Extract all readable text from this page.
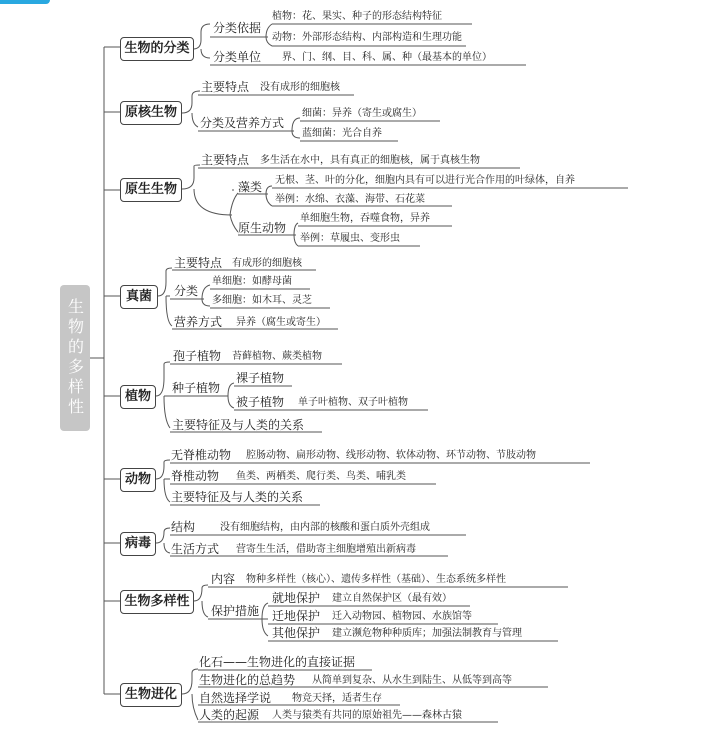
生物的多样性
生物的分类
分类依据
植物：花、果实、种子的形态结构特征
动物：外部形态结构、内部构造和生理功能
分类单位 界、门、纲、目、科、属、种（最基本的单位）
原核生物
主要特点 没有成形的细胞核
分类及营养方式
细菌：异养（寄生或腐生）
蓝细菌：光合自养
原生生物
主要特点 多生活在水中，具有真正的细胞核，属于真核生物
藻类 无根、茎、叶的分化，细胞内具有可以进行光合作用的叶绿体，自养
举例：水绵、衣藻、海带、石花菜
原生动物
单细胞生物，吞噬食物，异养
举例：草履虫、变形虫
真菌
主要特点 有成形的细胞核
分类
单细胞：如酵母菌
多细胞：如木耳、灵芝
营养方式 异养（腐生或寄生）
植物
孢子植物 苔藓植物、蕨类植物
种子植物
裸子植物
被子植物 单子叶植物、双子叶植物
主要特征及与人类的关系
动物
无脊椎动物 腔肠动物、扁形动物、线形动物、软体动物、环节动物、节肢动物
脊椎动物 鱼类、两栖类、爬行类、鸟类、哺乳类
主要特征及与人类的关系
病毒
结构 没有细胞结构，由内部的核酸和蛋白质外壳组成
生活方式 营寄生生活，借助寄主细胞增殖出新病毒
生物多样性
内容 物种多样性（核心）、遗传多样性（基础）、生态系统多样性
保护措施
就地保护 建立自然保护区（最有效）
迁地保护 迁入动物园、植物园、水族馆等
其他保护 建立濒危物种种质库；加强法制教育与管理
生物进化
化石——生物进化的直接证据
生物进化的总趋势 从简单到复杂、从水生到陆生、从低等到高等
自然选择学说 物竞天择，适者生存
人类的起源 人类与猿类有共同的原始祖先——森林古猿
